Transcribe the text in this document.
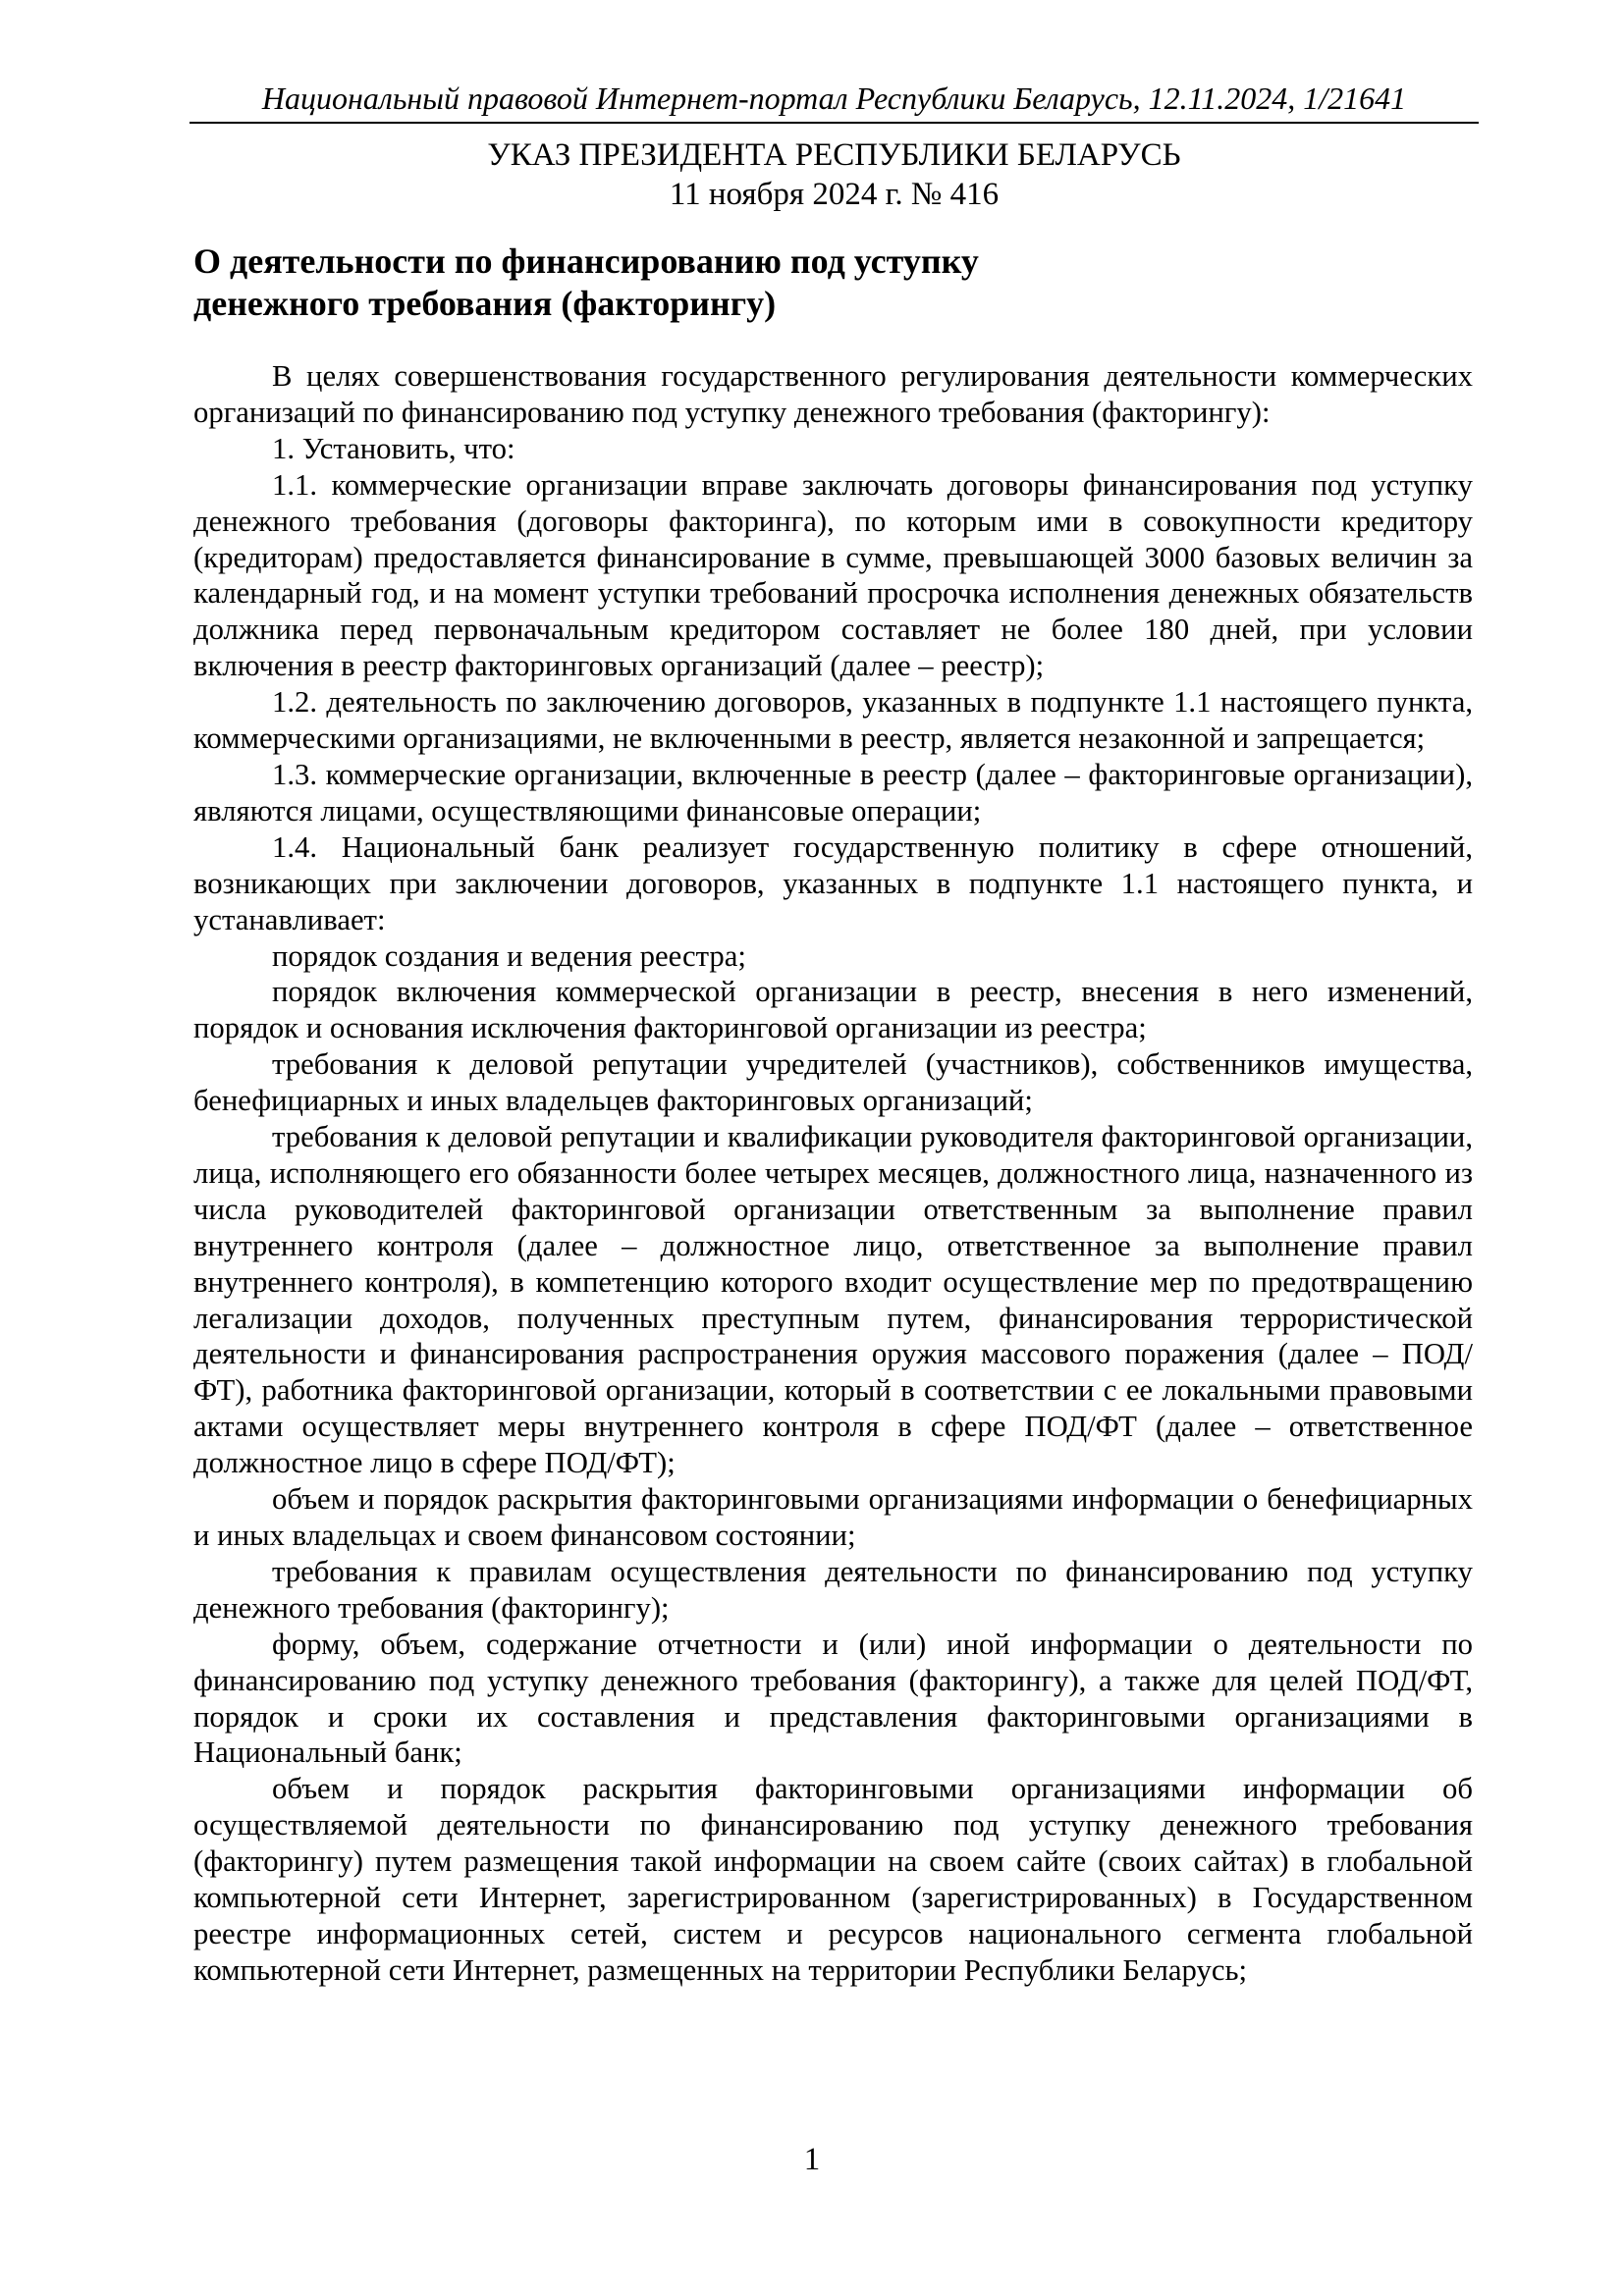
Национальный правовой Интернет-портал Республики Беларусь, 12.11.2024, 1/21641
УКАЗ ПРЕЗИДЕНТА РЕСПУБЛИКИ БЕЛАРУСЬ
11 ноября 2024 г. № 416
О деятельности по финансированию под уступку
денежного требования (факторингу)

В целях совершенствования государственного регулирования деятельности коммерческих организаций по финансированию под уступку денежного требования (факторингу):

1. Установить, что:

1.1. коммерческие организации вправе заключать договоры финансирования под уступку денежного требования (договоры факторинга), по которым ими в совокупности кредитору (кредиторам) предоставляется финансирование в сумме, превышающей 3000 базовых величин за календарный год, и на момент уступки требований просрочка исполнения денежных обязательств должника перед первоначальным кредитором составляет не более 180 дней, при условии включения в реестр факторинговых организаций (далее – реестр);

1.2. деятельность по заключению договоров, указанных в подпункте 1.1 настоящего пункта, коммерческими организациями, не включенными в реестр, является незаконной и запрещается;

1.3. коммерческие организации, включенные в реестр (далее – факторинговые организации), являются лицами, осуществляющими финансовые операции;

1.4. Национальный банк реализует государственную политику в сфере отношений, возникающих при заключении договоров, указанных в подпункте 1.1 настоящего пункта, и устанавливает:

порядок создания и ведения реестра;

порядок включения коммерческой организации в реестр, внесения в него изменений, порядок и основания исключения факторинговой организации из реестра;

требования к деловой репутации учредителей (участников), собственников имущества, бенефициарных и иных владельцев факторинговых организаций;

требования к деловой репутации и квалификации руководителя факторинговой организации, лица, исполняющего его обязанности более четырех месяцев, должностного лица, назначенного из числа руководителей факторинговой организации ответственным за выполнение правил внутреннего контроля (далее – должностное лицо, ответственное за выполнение правил внутреннего контроля), в компетенцию которого входит осуществление мер по предотвращению легализации доходов, полученных преступным путем, финансирования террористической деятельности и финансирования распространения оружия массового поражения (далее – ПОД/ФТ), работника факторинговой организации, который в соответствии с ее локальными правовыми актами осуществляет меры внутреннего контроля в сфере ПОД/ФТ (далее – ответственное должностное лицо в сфере ПОД/ФТ);

объем и порядок раскрытия факторинговыми организациями информации о бенефициарных и иных владельцах и своем финансовом состоянии;

требования к правилам осуществления деятельности по финансированию под уступку денежного требования (факторингу);

форму, объем, содержание отчетности и (или) иной информации о деятельности по финансированию под уступку денежного требования (факторингу), а также для целей ПОД/ФТ, порядок и сроки их составления и представления факторинговыми организациями в Национальный банк;

объем и порядок раскрытия факторинговыми организациями информации об осуществляемой деятельности по финансированию под уступку денежного требования (факторингу) путем размещения такой информации на своем сайте (своих сайтах) в глобальной компьютерной сети Интернет, зарегистрированном (зарегистрированных) в Государственном реестре информационных сетей, систем и ресурсов национального сегмента глобальной компьютерной сети Интернет, размещенных на территории Республики Беларусь;

1
